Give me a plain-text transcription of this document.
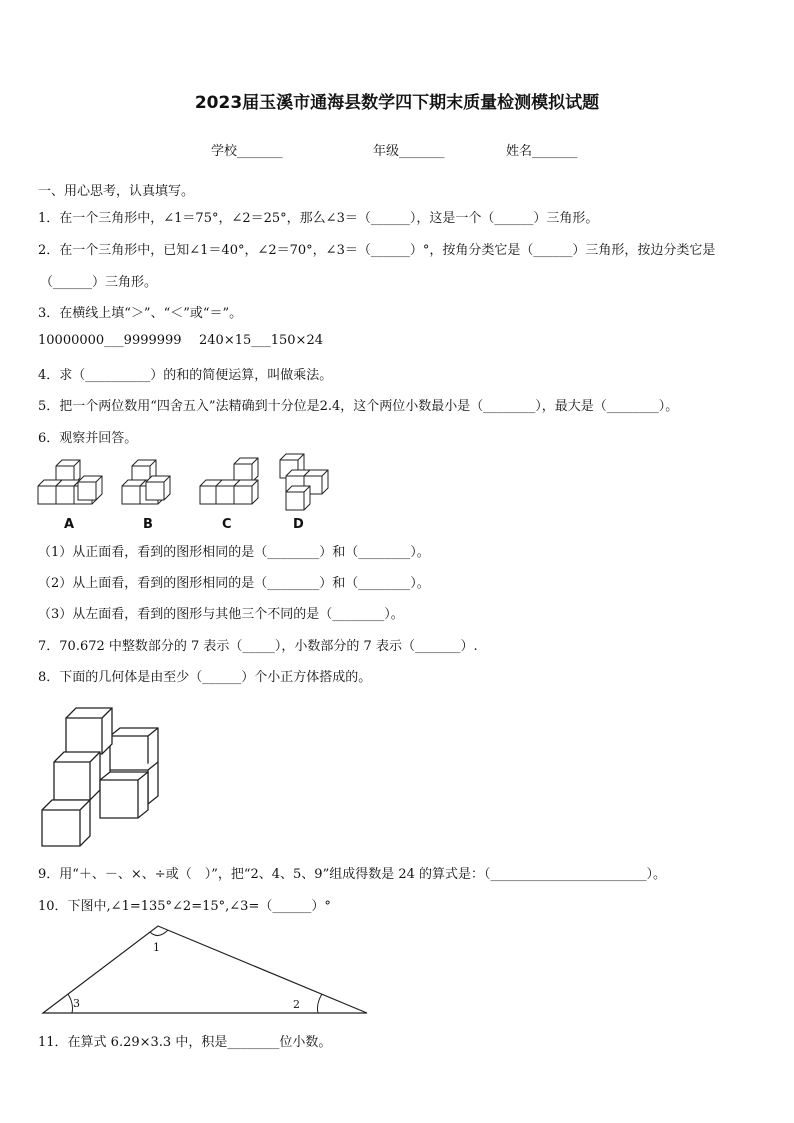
2023届玉溪市通海县数学四下期末质量检测模拟试题
学校_______	年级_______	姓名_______
一、用心思考，认真填写。
1．在一个三角形中，∠1＝75°，∠2＝25°，那么∠3＝（______），这是一个（______）三角形。
2．在一个三角形中，已知∠1＝40°，∠2＝70°，∠3＝（______）°，按角分类它是（______）三角形，按边分类它是
（______）三角形。
3．在横线上填“＞”、“＜”或“＝”。
10000000___9999999 240×15___150×24
4．求（__________）的和的简便运算，叫做乘法。
5．把一个两位数用“四舍五入”法精确到十分位是2.4，这个两位小数最小是（________），最大是（________）。
6．观察并回答。
A	B	C	D
（1）从正面看，看到的图形相同的是（________）和（________）。
（2）从上面看，看到的图形相同的是（________）和（________）。
（3）从左面看，看到的图形与其他三个不同的是（________）。
7．70.672 中整数部分的 7 表示（_____），小数部分的 7 表示（_______）.
8．下面的几何体是由至少（______）个小正方体搭成的。
9．用“＋、－、×、÷或（　）”，把“2、4、5、9”组成得数是 24 的算式是：（________________________）。
10．下图中,∠1=135°∠2=15°,∠3=（______）°
1
2
3
11．在算式 6.29×3.3 中，积是________位小数。
